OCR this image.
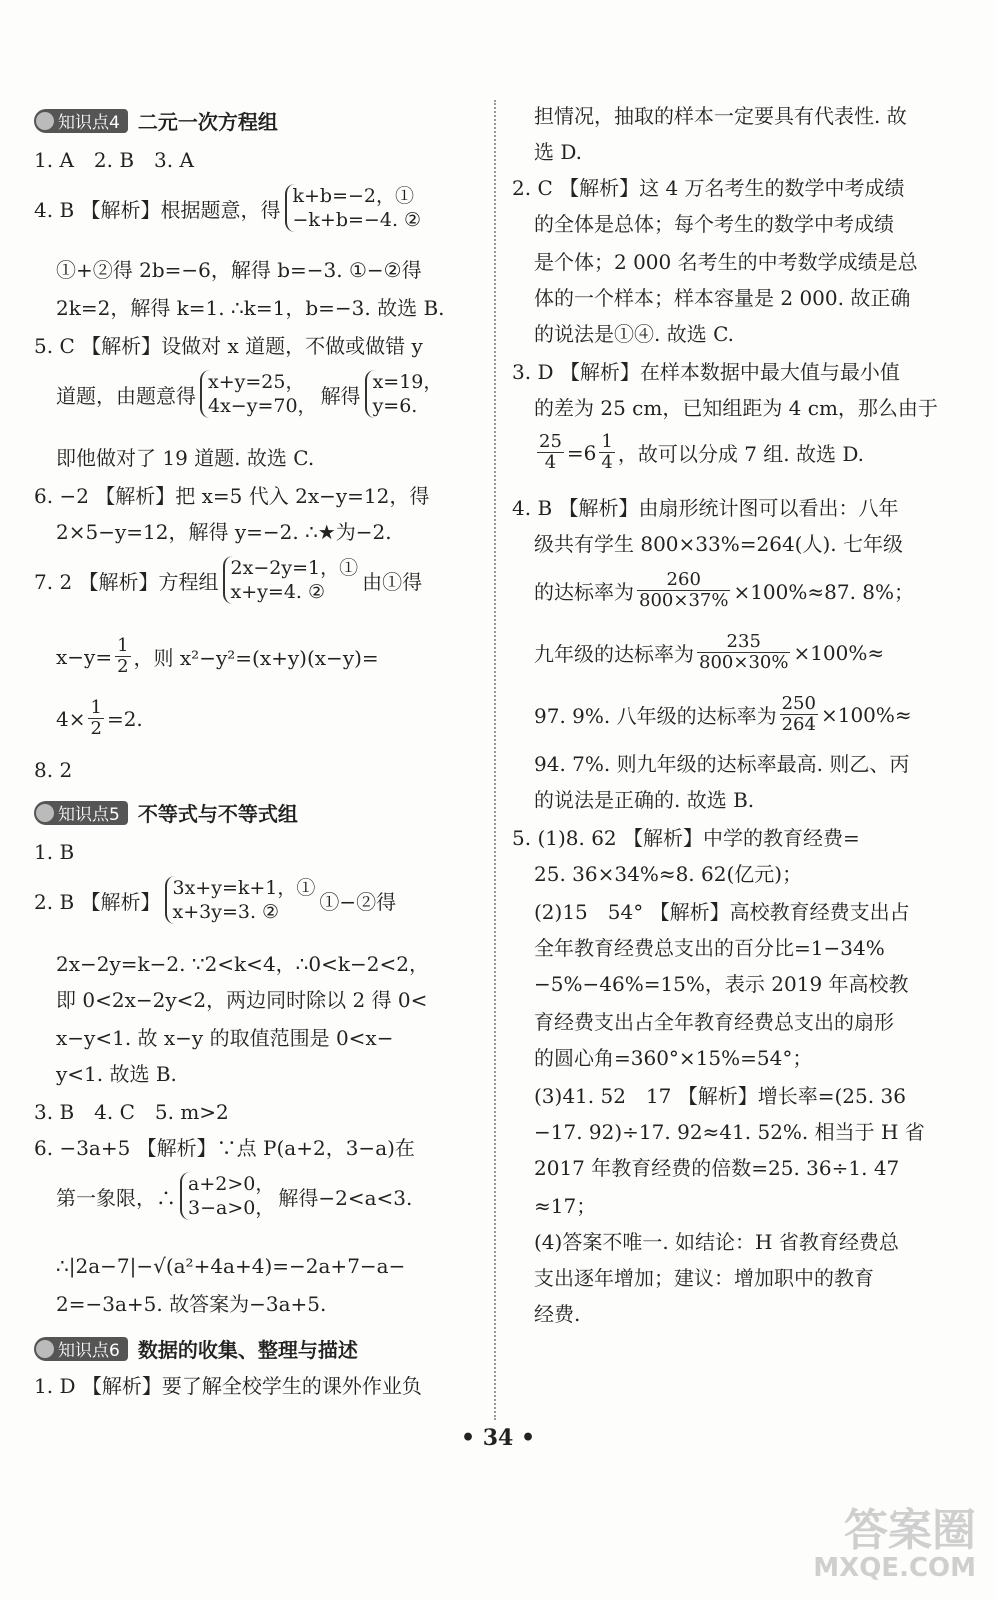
知识点4 二元一次方程组
1. A　2. B　3. A
4. B 【解析】根据题意，得
k+b=−2，①
−k+b=−4. ②
①+②得 2b=−6，解得 b=−3. ①−②得
2k=2，解得 k=1. ∴k=1，b=−3. 故选 B.
5. C 【解析】设做对 x 道题，不做或做错 y
道题，由题意得
x+y=25，
4x−y=70， 解得
x=19，
y=6.
即他做对了 19 道题. 故选 C.
6. −2 【解析】把 x=5 代入 2x−y=12，得
2×5−y=12，解得 y=−2. ∴★为−2.
7. 2 【解析】方程组
2x−2y=1，①
x+y=4. ②	由①得
$x-y= \frac{1}{2}$ ，则 x²−y²=(x+y)(x−y)=
$4\times \frac{1}{2} =2$.
8. 2
知识点5 不等式与不等式组
1. B
2. B 【解析】
3x+y=k+1，①
x+3y=3. ②	①−②得
2x−2y=k−2. ∵2<k<4，∴0<k−2<2，
即 0<2x−2y<2，两边同时除以 2 得 0<
x−y<1. 故 x−y 的取值范围是 0<x−
y<1. 故选 B.
3. B　4. C　5. m>2
6. −3a+5 【解析】∵点 P(a+2，3−a)在
第一象限，∴
a+2>0，
3−a>0， 解得−2<a<3.
∴|2a−7|−√(a²+4a+4)=−2a+7−a−
2=−3a+5. 故答案为−3a+5.
知识点6 数据的收集、整理与描述
1. D 【解析】要了解全校学生的课外作业负
担情况，抽取的样本一定要具有代表性. 故
选 D.
2. C 【解析】这 4 万名考生的数学中考成绩
的全体是总体；每个考生的数学中考成绩
是个体；2 000 名考生的中考数学成绩是总
体的一个样本；样本容量是 2 000. 故正确
的说法是①④. 故选 C.
3. D 【解析】在样本数据中最大值与最小值
的差为 25 cm，已知组距为 4 cm，那么由于
$\frac{25}{4} =6 \frac{1}{4}$ ，故可以分成 7 组. 故选 D.
4. B 【解析】由扇形统计图可以看出：八年
级共有学生 800×33%=264(人). 七年级
的达标率为 $\frac{260}{800\times 37\%} \times 100\%\approx 87$. 8%；
九年级的达标率为 $\frac{235}{800\times 30\%} \times 100\%\approx$
97. 9%. 八年级的达标率为 $\frac{250}{264} \times 100\%\approx$
94. 7%. 则九年级的达标率最高. 则乙、丙
的说法是正确的. 故选 B.
5. (1)8. 62 【解析】中学的教育经费=
25. 36×34%≈8. 62(亿元)；
(2)15　54° 【解析】高校教育经费支出占
全年教育经费总支出的百分比=1−34%
−5%−46%=15%，表示 2019 年高校教
育经费支出占全年教育经费总支出的扇形
的圆心角=360°×15%=54°；
(3)41. 52　17 【解析】增长率=(25. 36
−17. 92)÷17. 92≈41. 52%. 相当于 H 省
2017 年教育经费的倍数=25. 36÷1. 47
≈17；
(4)答案不唯一. 如结论：H 省教育经费总
支出逐年增加；建议：增加职中的教育
经费.
• 34 •
答案圈
MXQE.COM
